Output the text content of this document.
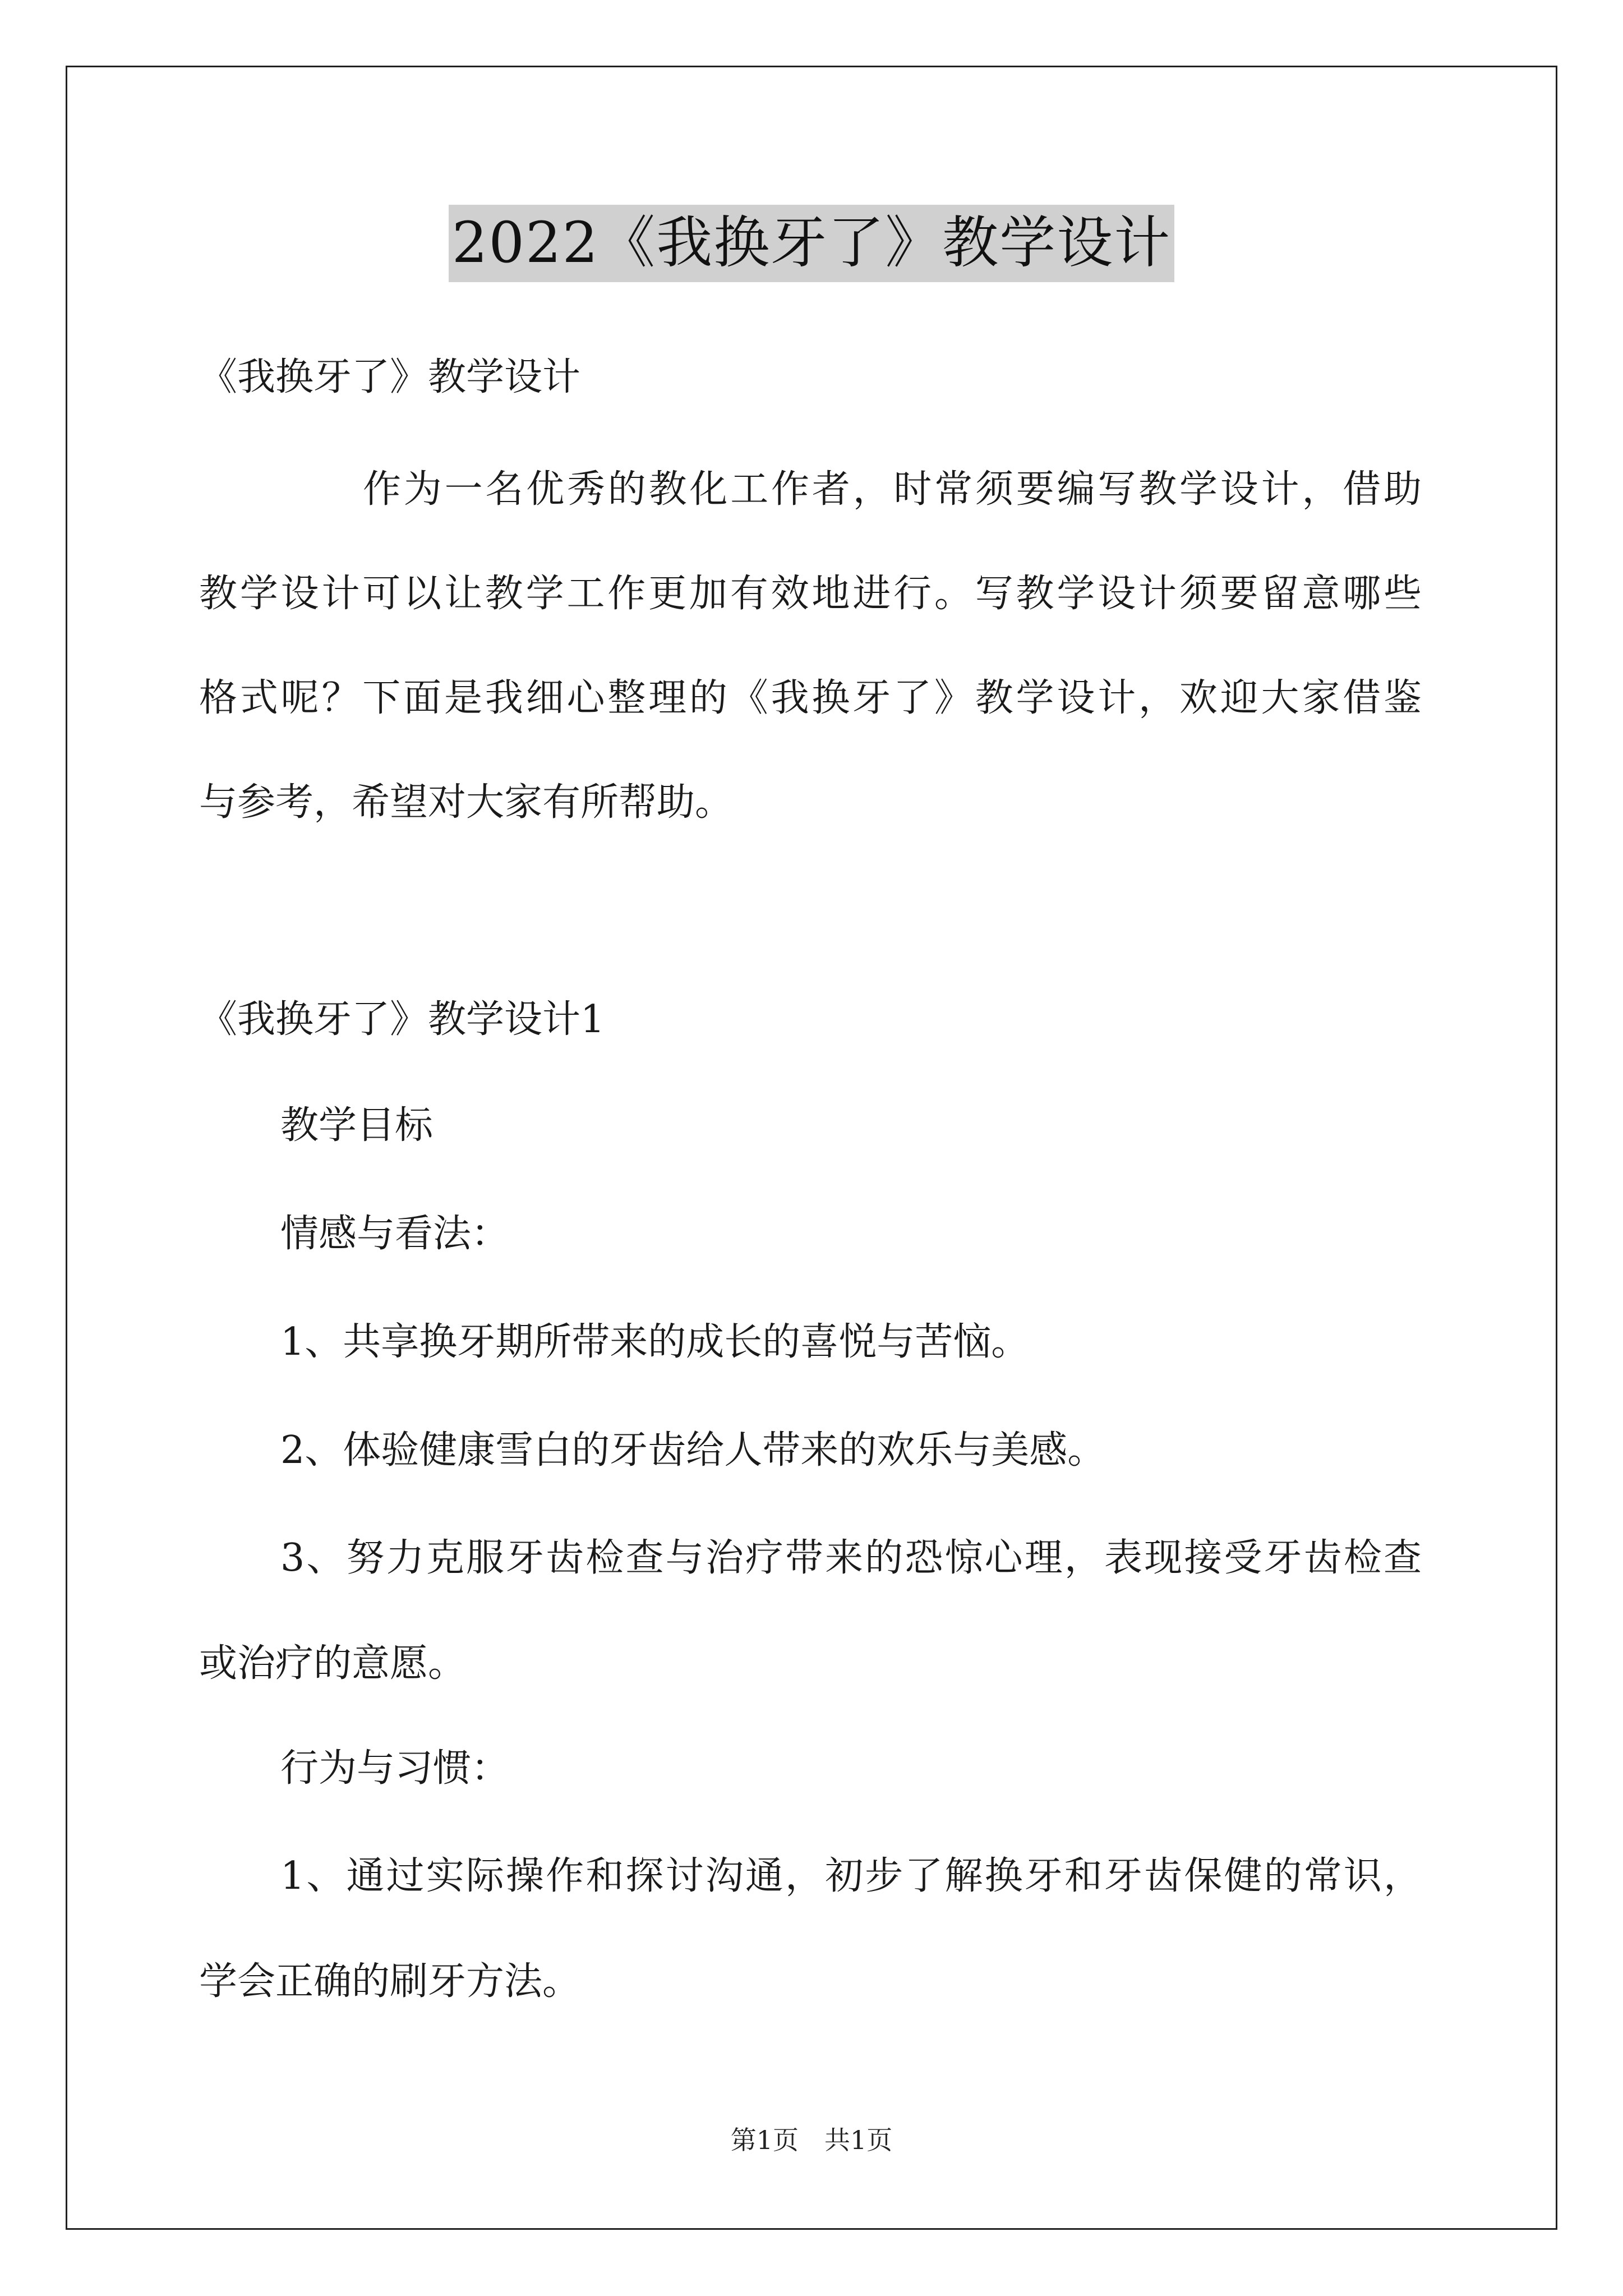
2022《我换牙了》教学设计
《我换牙了》教学设计
作为一名优秀的教化工作者，时常须要编写教学设计，借助
教学设计可以让教学工作更加有效地进行。写教学设计须要留意哪些
格式呢？下面是我细心整理的《我换牙了》教学设计，欢迎大家借鉴
与参考，希望对大家有所帮助。
《我换牙了》教学设计1
教学目标
情感与看法：
1、共享换牙期所带来的成长的喜悦与苦恼。
2、体验健康雪白的牙齿给人带来的欢乐与美感。
3、努力克服牙齿检查与治疗带来的恐惊心理，表现接受牙齿检查
或治疗的意愿。
行为与习惯：
1、通过实际操作和探讨沟通，初步了解换牙和牙齿保健的常识，
学会正确的刷牙方法。
第1页　共1页
